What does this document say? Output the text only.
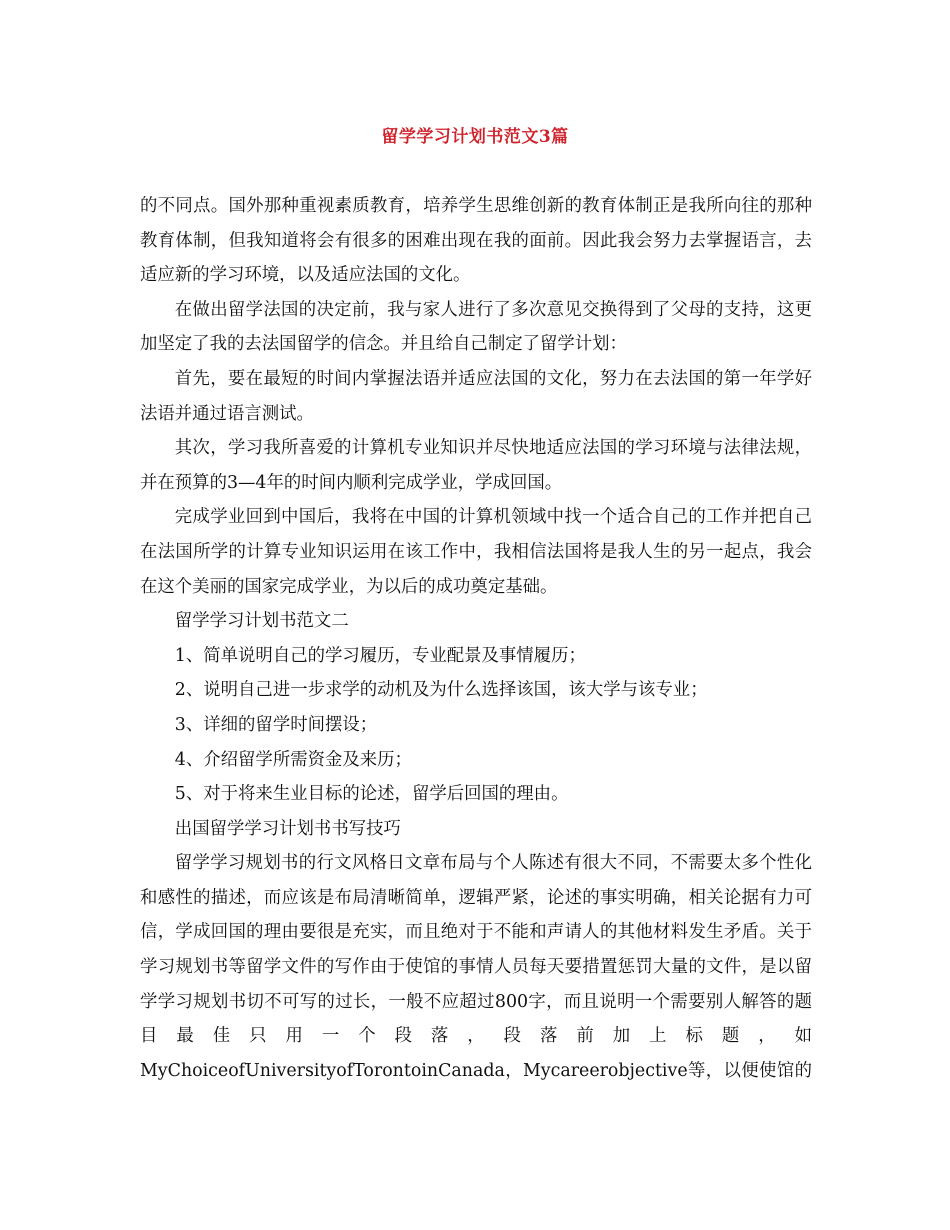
留学学习计划书范文3篇

的不同点。国外那种重视素质教育，培养学生思维创新的教育体制正是我所向往的那种教育体制，但我知道将会有很多的困难出现在我的面前。因此我会努力去掌握语言，去适应新的学习环境，以及适应法国的文化。

在做出留学法国的决定前，我与家人进行了多次意见交换得到了父母的支持，这更加坚定了我的去法国留学的信念。并且给自己制定了留学计划：

首先，要在最短的时间内掌握法语并适应法国的文化，努力在去法国的第一年学好法语并通过语言测试。

其次，学习我所喜爱的计算机专业知识并尽快地适应法国的学习环境与法律法规，并在预算的3—4年的时间内顺利完成学业，学成回国。

完成学业回到中国后，我将在中国的计算机领域中找一个适合自己的工作并把自己在法国所学的计算专业知识运用在该工作中，我相信法国将是我人生的另一起点，我会在这个美丽的国家完成学业，为以后的成功奠定基础。

留学学习计划书范文二

1、简单说明自己的学习履历，专业配景及事情履历；

2、说明自己进一步求学的动机及为什么选择该国，该大学与该专业；

3、详细的留学时间摆设；

4、介绍留学所需资金及来历；

5、对于将来生业目标的论述，留学后回国的理由。

出国留学学习计划书书写技巧

留学学习规划书的行文风格日文章布局与个人陈述有很大不同，不需要太多个性化和感性的描述，而应该是布局清晰简单，逻辑严紧，论述的事实明确，相关论据有力可信，学成回国的理由要很是充实，而且绝对于不能和声请人的其他材料发生矛盾。关于学习规划书等留学文件的写作由于使馆的事情人员每天要措置惩罚大量的文件，是以留学学习规划书切不可写的过长，一般不应超过800字，而且说明一个需要别人解答的题目最佳只用一个段落，段落前加上标题，如

MyChoiceofUniversityofTorontoinCanada，Mycareerobjective等，以便使馆的
